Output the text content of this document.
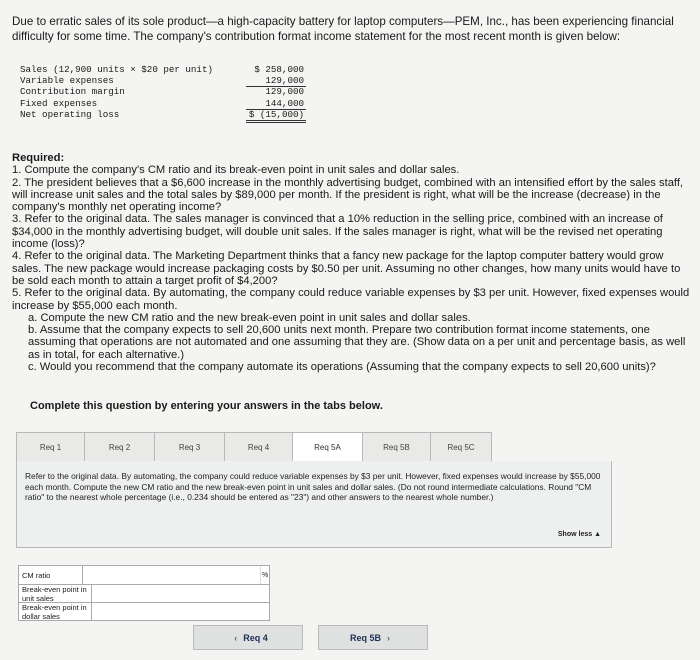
Due to erratic sales of its sole product—a high-capacity battery for laptop computers—PEM, Inc., has been experiencing financial difficulty for some time. The company's contribution format income statement for the most recent month is given below:
Sales (12,900 units × $20 per unit)	$ 258,000
Variable expenses	129,000
Contribution margin	129,000
Fixed expenses	144,000
Net operating loss	$ (15,000)
Required:
1. Compute the company's CM ratio and its break-even point in unit sales and dollar sales.
2. The president believes that a $6,600 increase in the monthly advertising budget, combined with an intensified effort by the sales staff, will increase unit sales and the total sales by $89,000 per month. If the president is right, what will be the increase (decrease) in the company's monthly net operating income?
3. Refer to the original data. The sales manager is convinced that a 10% reduction in the selling price, combined with an increase of $34,000 in the monthly advertising budget, will double unit sales. If the sales manager is right, what will be the revised net operating income (loss)?
4. Refer to the original data. The Marketing Department thinks that a fancy new package for the laptop computer battery would grow sales. The new package would increase packaging costs by $0.50 per unit. Assuming no other changes, how many units would have to be sold each month to attain a target profit of $4,200?
5. Refer to the original data. By automating, the company could reduce variable expenses by $3 per unit. However, fixed expenses would increase by $55,000 each month.
a. Compute the new CM ratio and the new break-even point in unit sales and dollar sales.
b. Assume that the company expects to sell 20,600 units next month. Prepare two contribution format income statements, one assuming that operations are not automated and one assuming that they are. (Show data on a per unit and percentage basis, as well as in total, for each alternative.)
c. Would you recommend that the company automate its operations (Assuming that the company expects to sell 20,600 units)?
Complete this question by entering your answers in the tabs below.
Req 1	Req 2	Req 3	Req 4	Req 5A	Req 5B	Req 5C
Refer to the original data. By automating, the company could reduce variable expenses by $3 per unit. However, fixed expenses would increase by $55,000 each month. Compute the new CM ratio and the new break-even point in unit sales and dollar sales. (Do not round intermediate calculations. Round "CM ratio" to the nearest whole percentage (i.e., 0.234 should be entered as "23") and other answers to the nearest whole number.)
Show less ▲
CM ratio	%
Break-even point in unit sales
Break-even point in dollar sales
‹ Req 4	Req 5B ›
